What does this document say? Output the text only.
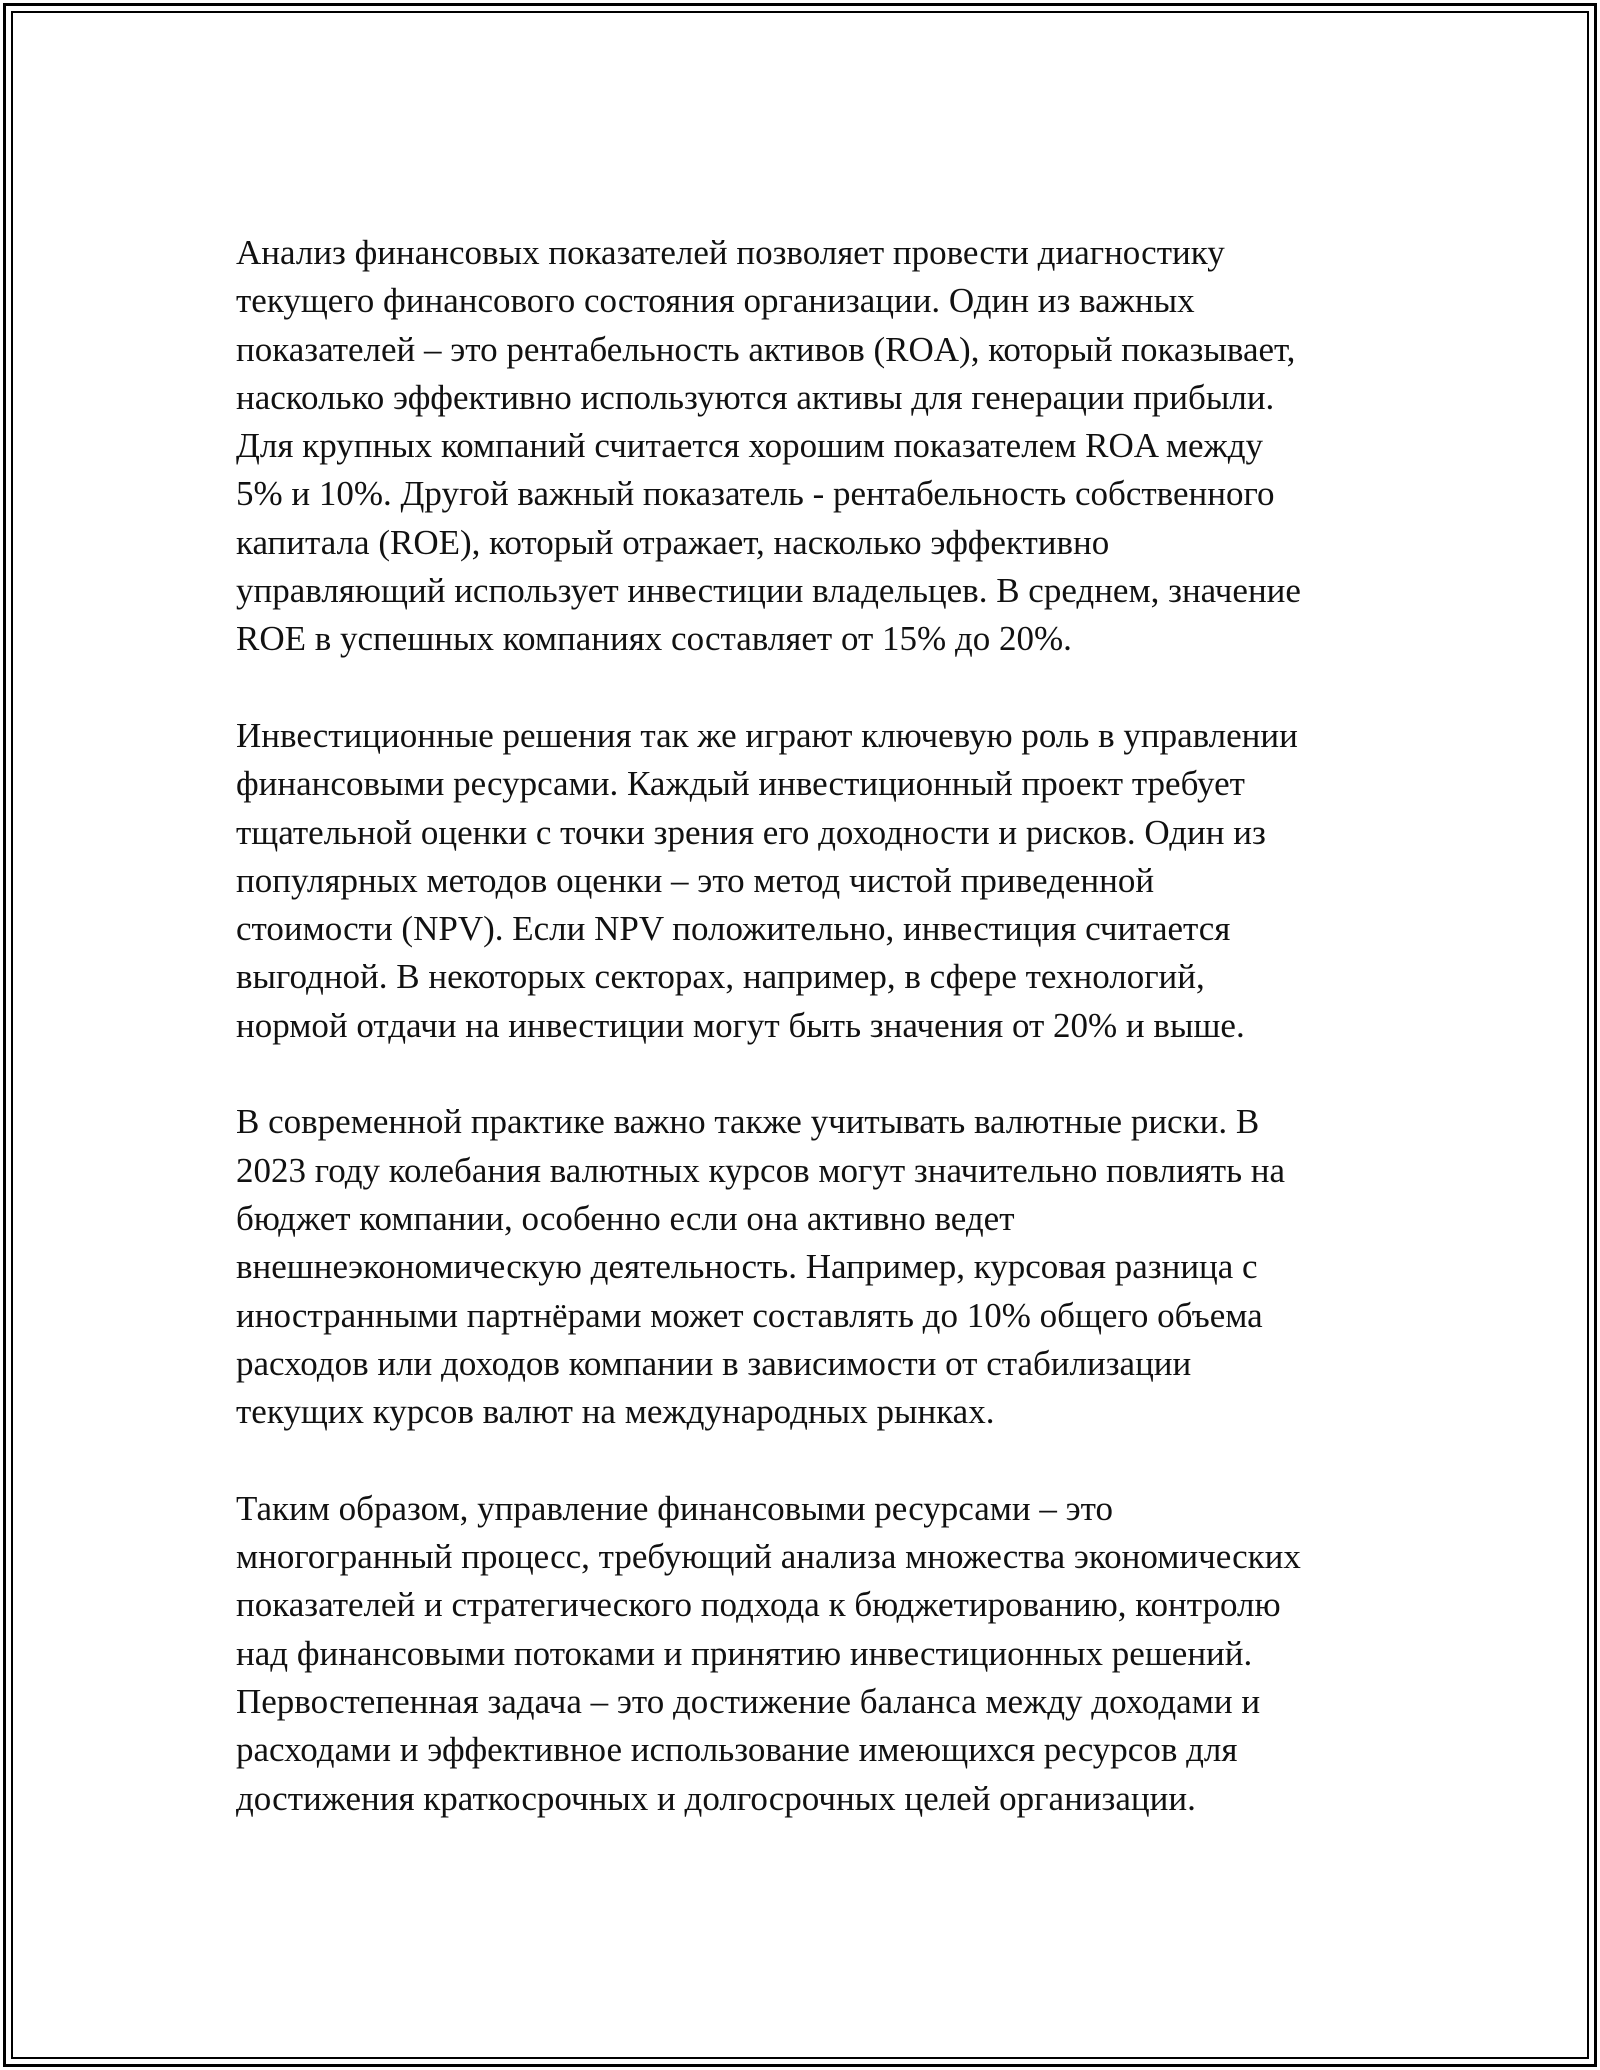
Анализ финансовых показателей позволяет провести диагностику
текущего финансового состояния организации. Один из важных
показателей – это рентабельность активов (ROA), который показывает,
насколько эффективно используются активы для генерации прибыли.
Для крупных компаний считается хорошим показателем ROA между
5% и 10%. Другой важный показатель - рентабельность собственного
капитала (ROE), который отражает, насколько эффективно
управляющий использует инвестиции владельцев. В среднем, значение
ROE в успешных компаниях составляет от 15% до 20%.

Инвестиционные решения так же играют ключевую роль в управлении
финансовыми ресурсами. Каждый инвестиционный проект требует
тщательной оценки с точки зрения его доходности и рисков. Один из
популярных методов оценки – это метод чистой приведенной
стоимости (NPV). Если NPV положительно, инвестиция считается
выгодной. В некоторых секторах, например, в сфере технологий,
нормой отдачи на инвестиции могут быть значения от 20% и выше.

В современной практике важно также учитывать валютные риски. В
2023 году колебания валютных курсов могут значительно повлиять на
бюджет компании, особенно если она активно ведет
внешнеэкономическую деятельность. Например, курсовая разница с
иностранными партнёрами может составлять до 10% общего объема
расходов или доходов компании в зависимости от стабилизации
текущих курсов валют на международных рынках.

Таким образом, управление финансовыми ресурсами – это
многогранный процесс, требующий анализа множества экономических
показателей и стратегического подхода к бюджетированию, контролю
над финансовыми потоками и принятию инвестиционных решений.
Первостепенная задача – это достижение баланса между доходами и
расходами и эффективное использование имеющихся ресурсов для
достижения краткосрочных и долгосрочных целей организации.
